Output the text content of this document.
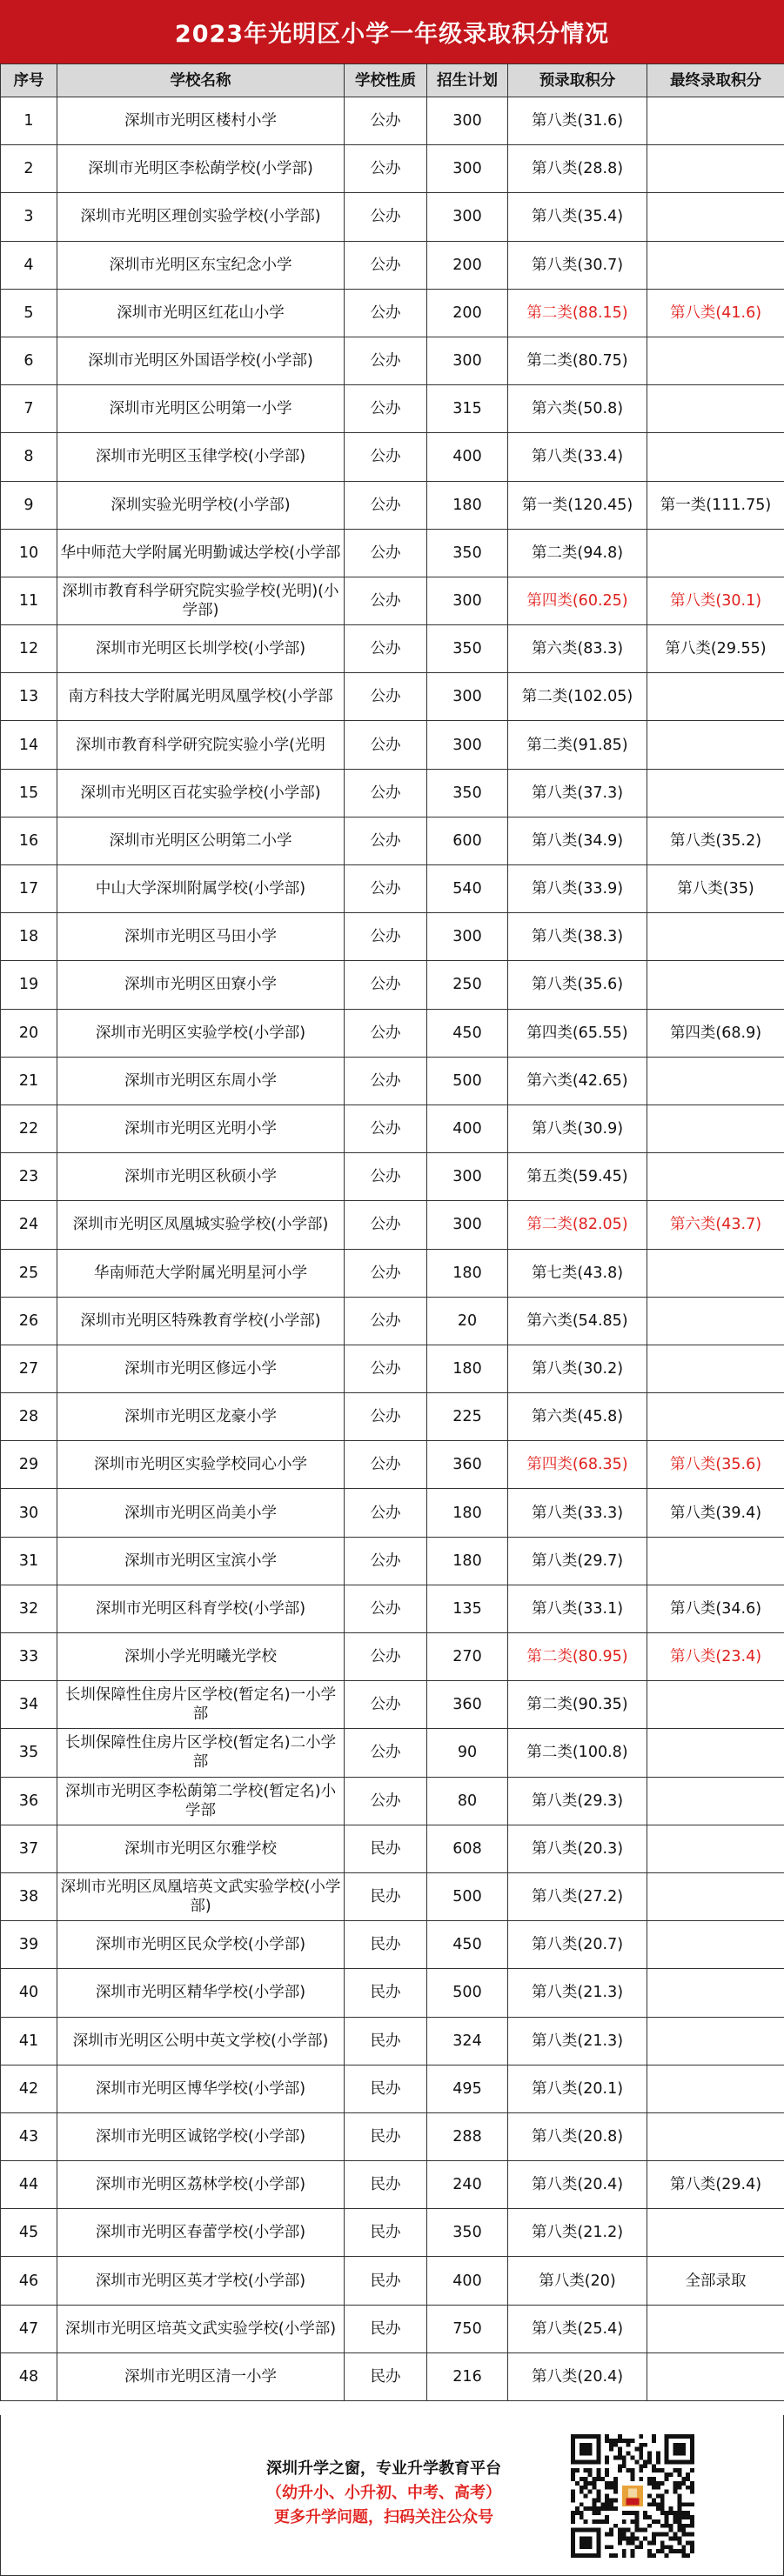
2023年光明区小学一年级录取积分情况
序号	学校名称	学校性质	招生计划	预录取积分	最终录取积分
1	深圳市光明区楼村小学	公办	300	第八类(31.6)	
2	深圳市光明区李松蓢学校(小学部)	公办	300	第八类(28.8)	
3	深圳市光明区理创实验学校(小学部)	公办	300	第八类(35.4)	
4	深圳市光明区东宝纪念小学	公办	200	第八类(30.7)	
5	深圳市光明区红花山小学	公办	200	第二类(88.15)	第八类(41.6)
6	深圳市光明区外国语学校(小学部)	公办	300	第二类(80.75)	
7	深圳市光明区公明第一小学	公办	315	第六类(50.8)	
8	深圳市光明区玉律学校(小学部)	公办	400	第八类(33.4)	
9	深圳实验光明学校(小学部)	公办	180	第一类(120.45)	第一类(111.75)
10	华中师范大学附属光明勤诚达学校(小学部	公办	350	第二类(94.8)	
11	深圳市教育科学研究院实验学校(光明)(小学部)	公办	300	第四类(60.25)	第八类(30.1)
12	深圳市光明区长圳学校(小学部)	公办	350	第六类(83.3)	第八类(29.55)
13	南方科技大学附属光明凤凰学校(小学部	公办	300	第二类(102.05)	
14	深圳市教育科学研究院实验小学(光明	公办	300	第二类(91.85)	
15	深圳市光明区百花实验学校(小学部)	公办	350	第八类(37.3)	
16	深圳市光明区公明第二小学	公办	600	第八类(34.9)	第八类(35.2)
17	中山大学深圳附属学校(小学部)	公办	540	第八类(33.9)	第八类(35)
18	深圳市光明区马田小学	公办	300	第八类(38.3)	
19	深圳市光明区田寮小学	公办	250	第八类(35.6)	
20	深圳市光明区实验学校(小学部)	公办	450	第四类(65.55)	第四类(68.9)
21	深圳市光明区东周小学	公办	500	第六类(42.65)	
22	深圳市光明区光明小学	公办	400	第八类(30.9)	
23	深圳市光明区秋硕小学	公办	300	第五类(59.45)	
24	深圳市光明区凤凰城实验学校(小学部)	公办	300	第二类(82.05)	第六类(43.7)
25	华南师范大学附属光明星河小学	公办	180	第七类(43.8)	
26	深圳市光明区特殊教育学校(小学部)	公办	20	第六类(54.85)	
27	深圳市光明区修远小学	公办	180	第八类(30.2)	
28	深圳市光明区龙豪小学	公办	225	第六类(45.8)	
29	深圳市光明区实验学校同心小学	公办	360	第四类(68.35)	第八类(35.6)
30	深圳市光明区尚美小学	公办	180	第八类(33.3)	第八类(39.4)
31	深圳市光明区宝滨小学	公办	180	第八类(29.7)	
32	深圳市光明区科育学校(小学部)	公办	135	第八类(33.1)	第八类(34.6)
33	深圳小学光明曦光学校	公办	270	第二类(80.95)	第八类(23.4)
34	长圳保障性住房片区学校(暂定名)一小学部	公办	360	第二类(90.35)	
35	长圳保障性住房片区学校(暂定名)二小学部	公办	90	第二类(100.8)	
36	深圳市光明区李松蓢第二学校(暂定名)小学部	公办	80	第八类(29.3)	
37	深圳市光明区尔雅学校	民办	608	第八类(20.3)	
38	深圳市光明区凤凰培英文武实验学校(小学部)	民办	500	第八类(27.2)	
39	深圳市光明区民众学校(小学部)	民办	450	第八类(20.7)	
40	深圳市光明区精华学校(小学部)	民办	500	第八类(21.3)	
41	深圳市光明区公明中英文学校(小学部)	民办	324	第八类(21.3)	
42	深圳市光明区博华学校(小学部)	民办	495	第八类(20.1)	
43	深圳市光明区诚铭学校(小学部)	民办	288	第八类(20.8)	
44	深圳市光明区荔林学校(小学部)	民办	240	第八类(20.4)	第八类(29.4)
45	深圳市光明区春蕾学校(小学部)	民办	350	第八类(21.2)	
46	深圳市光明区英才学校(小学部)	民办	400	第八类(20)	全部录取
47	深圳市光明区培英文武实验学校(小学部)	民办	750	第八类(25.4)	
48	深圳市光明区清一小学	民办	216	第八类(20.4)	
深圳升学之窗，专业升学教育平台
（幼升小、小升初、中考、高考）
更多升学问题，扫码关注公众号
